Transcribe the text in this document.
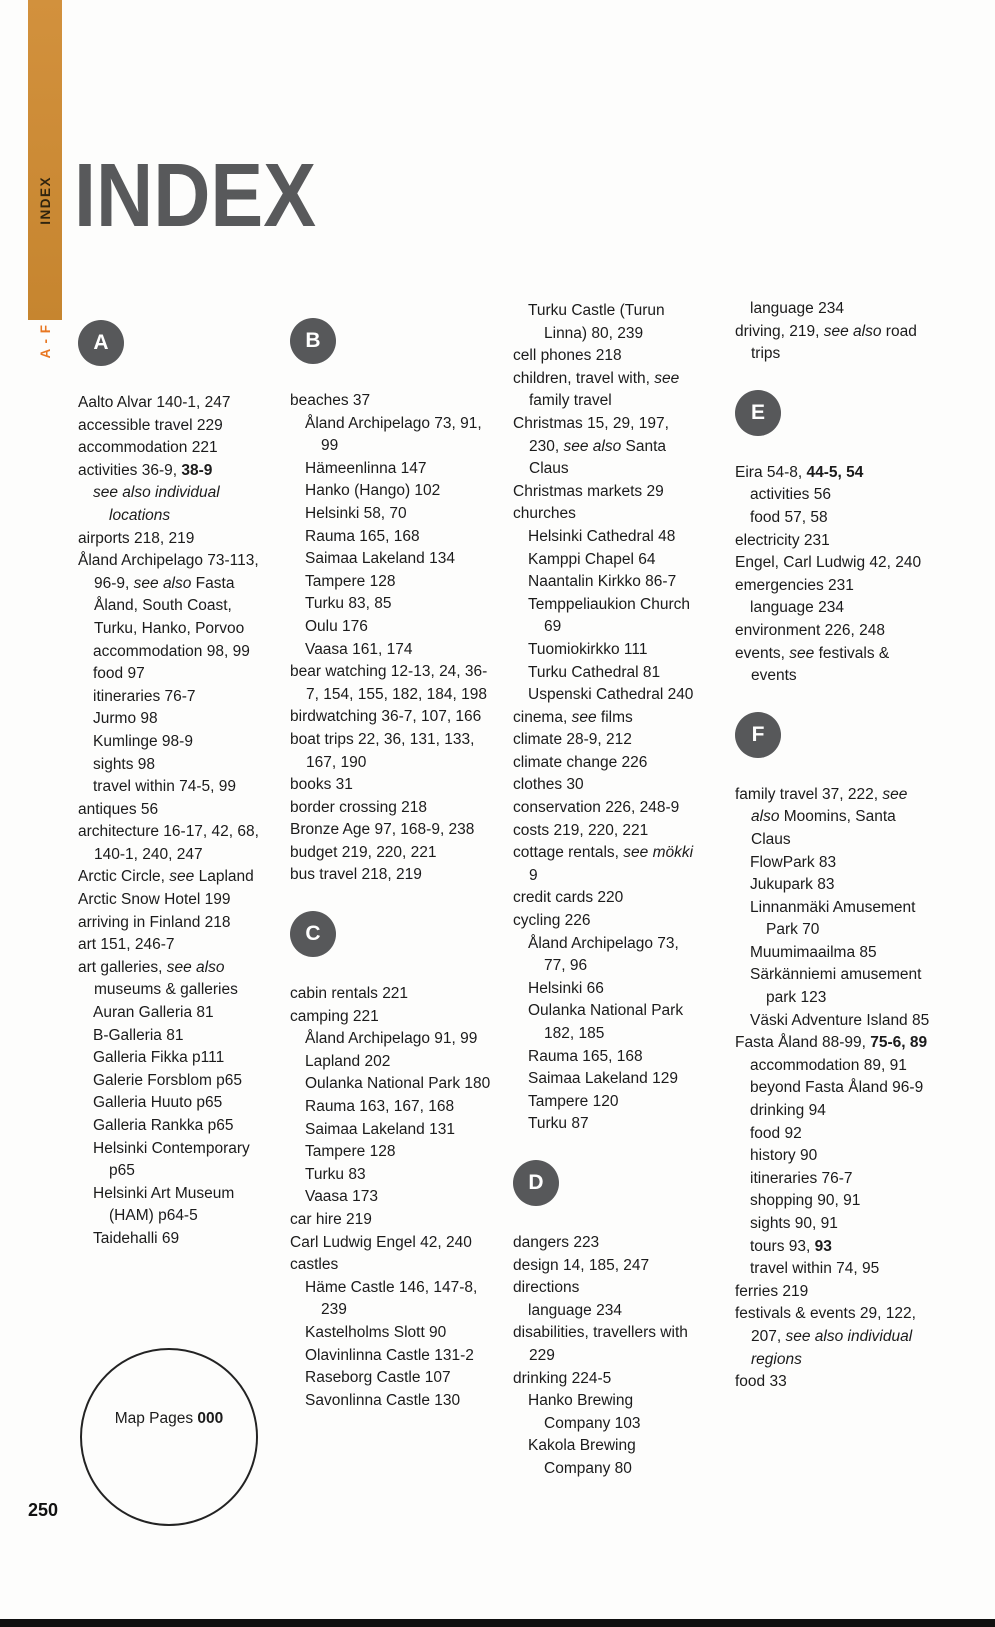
INDEX
A - F
INDEX
A

Aalto Alvar 140-1, 247

accessible travel 229

accommodation 221

activities 36-9, 38-9

see also individual locations

airports 218, 219

Åland Archipelago 73-113, 96-9, see also Fasta Åland, South Coast, Turku, Hanko, Porvoo

accommodation 98, 99

food 97

itineraries 76-7

Jurmo 98

Kumlinge 98-9

sights 98

travel within 74-5, 99

antiques 56

architecture 16-17, 42, 68, 140-1, 240, 247

Arctic Circle, see Lapland

Arctic Snow Hotel 199

arriving in Finland 218

art 151, 246-7

art galleries, see also museums & galleries

Auran Galleria 81

B-Galleria 81

Galleria Fikka p111

Galerie Forsblom p65

Galleria Huuto p65

Galleria Rankka p65

Helsinki Contemporary p65

Helsinki Art Museum (HAM) p64-5

Taidehalli 69

B

beaches 37

Åland Archipelago 73, 91, 99

Hämeenlinna 147

Hanko (Hango) 102

Helsinki 58, 70

Rauma 165, 168

Saimaa Lakeland 134

Tampere 128

Turku 83, 85

Oulu 176

Vaasa 161, 174

bear watching 12-13, 24, 36-7, 154, 155, 182, 184, 198

birdwatching 36-7, 107, 166

boat trips 22, 36, 131, 133, 167, 190

books 31

border crossing 218

Bronze Age 97, 168-9, 238

budget 219, 220, 221

bus travel 218, 219

C

cabin rentals 221

camping 221

Åland Archipelago 91, 99

Lapland 202

Oulanka National Park 180

Rauma 163, 167, 168

Saimaa Lakeland 131

Tampere 128

Turku 83

Vaasa 173

car hire 219

Carl Ludwig Engel 42, 240

castles

Häme Castle 146, 147-8, 239

Kastelholms Slott 90

Olavinlinna Castle 131-2

Raseborg Castle 107

Savonlinna Castle 130

Turku Castle (Turun Linna) 80, 239

cell phones 218

children, travel with, see family travel

Christmas 15, 29, 197, 230, see also Santa Claus

Christmas markets 29

churches

Helsinki Cathedral 48

Kamppi Chapel 64

Naantalin Kirkko 86-7

Temppeliaukion Church 69

Tuomiokirkko 111

Turku Cathedral 81

Uspenski Cathedral 240

cinema, see films

climate 28-9, 212

climate change 226

clothes 30

conservation 226, 248-9

costs 219, 220, 221

cottage rentals, see mökki 9

credit cards 220

cycling 226

Åland Archipelago 73, 77, 96

Helsinki 66

Oulanka National Park 182, 185

Rauma 165, 168

Saimaa Lakeland 129

Tampere 120

Turku 87

D

dangers 223

design 14, 185, 247

directions

language 234

disabilities, travellers with 229

drinking 224-5

Hanko Brewing Company 103

Kakola Brewing Company 80

language 234

driving, 219, see also road trips

E

Eira 54-8, 44-5, 54

activities 56

food 57, 58

electricity 231

Engel, Carl Ludwig 42, 240

emergencies 231

language 234

environment 226, 248

events, see festivals & events

F

family travel 37, 222, see also Moomins, Santa Claus

FlowPark 83

Jukupark 83

Linnanmäki Amusement Park 70

Muumimaailma 85

Särkänniemi amusement park 123

Väski Adventure Island 85

Fasta Åland 88-99, 75-6, 89

accommodation 89, 91

beyond Fasta Åland 96-9

drinking 94

food 92

history 90

itineraries 76-7

shopping 90, 91

sights 90, 91

tours 93, 93

travel within 74, 95

ferries 219

festivals & events 29, 122, 207, see also individual regions

food 33

Map Pages 000
250
